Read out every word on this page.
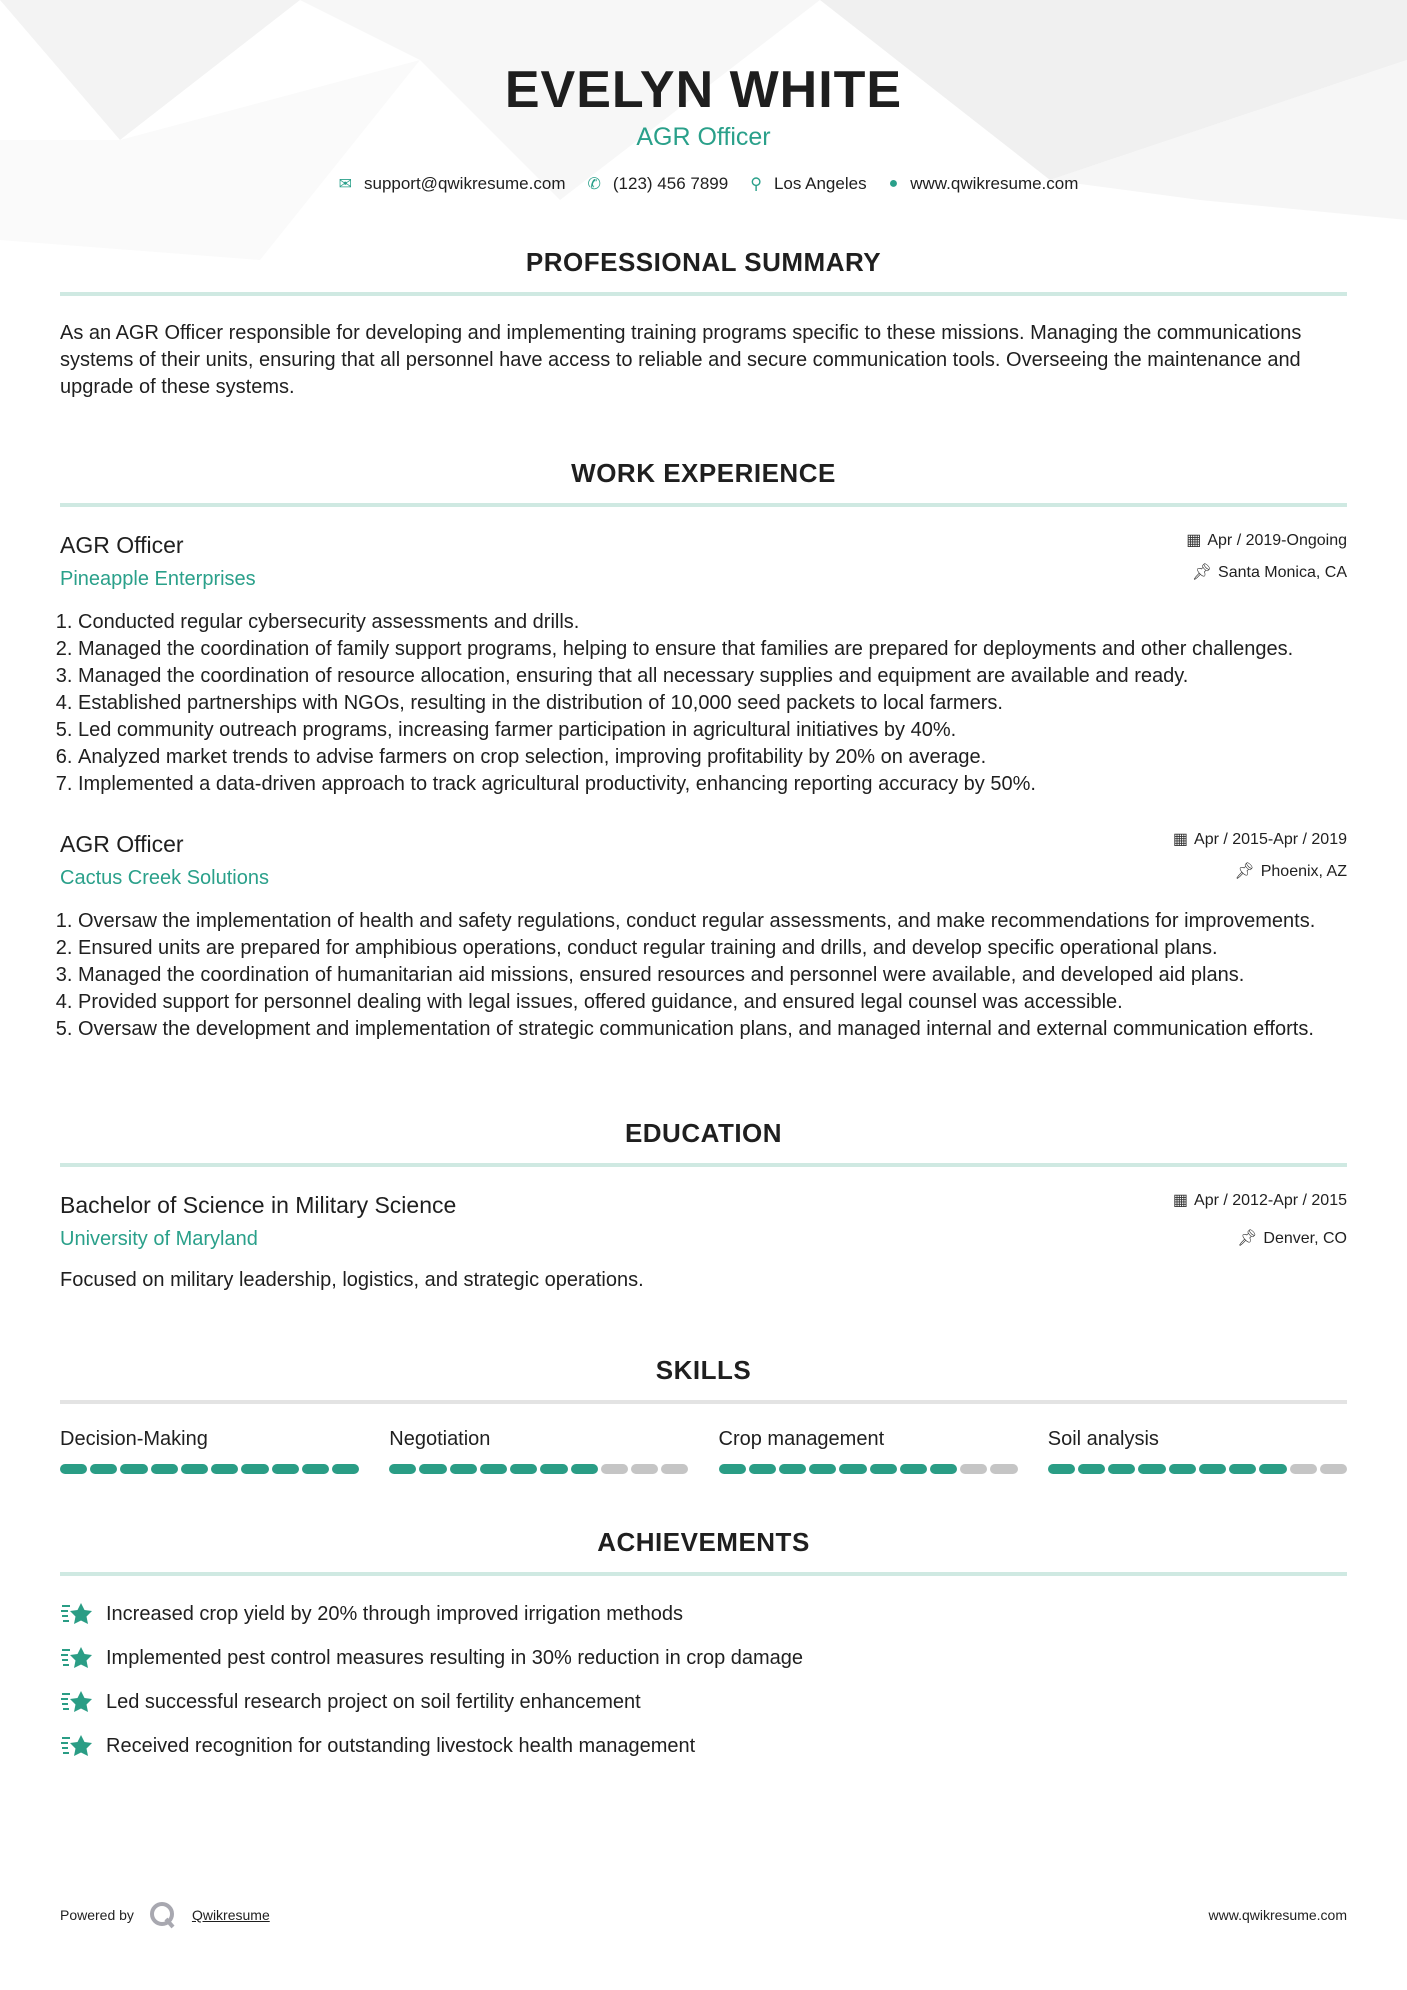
EVELYN WHITE
AGR Officer
✉ support@qwikresume.com ✆ (123) 456 7899 ⚲ Los Angeles ● www.qwikresume.com
PROFESSIONAL SUMMARY

As an AGR Officer responsible for developing and implementing training programs specific to these missions. Managing the communications systems of their units, ensuring that all personnel have access to reliable and secure communication tools. Overseeing the maintenance and upgrade of these systems.

WORK EXPERIENCE
AGR Officer
Pineapple Enterprises
▦ Apr / 2019-Ongoing
📌︎ Santa Monica, CA
1. Conducted regular cybersecurity assessments and drills.
2. Managed the coordination of family support programs, helping to ensure that families are prepared for deployments and other challenges.
3. Managed the coordination of resource allocation, ensuring that all necessary supplies and equipment are available and ready.
4. Established partnerships with NGOs, resulting in the distribution of 10,000 seed packets to local farmers.
5. Led community outreach programs, increasing farmer participation in agricultural initiatives by 40%.
6. Analyzed market trends to advise farmers on crop selection, improving profitability by 20% on average.
7. Implemented a data-driven approach to track agricultural productivity, enhancing reporting accuracy by 50%.
AGR Officer
Cactus Creek Solutions
▦ Apr / 2015-Apr / 2019
📌︎ Phoenix, AZ
1. Oversaw the implementation of health and safety regulations, conduct regular assessments, and make recommendations for improvements.
2. Ensured units are prepared for amphibious operations, conduct regular training and drills, and develop specific operational plans.
3. Managed the coordination of humanitarian aid missions, ensured resources and personnel were available, and developed aid plans.
4. Provided support for personnel dealing with legal issues, offered guidance, and ensured legal counsel was accessible.
5. Oversaw the development and implementation of strategic communication plans, and managed internal and external communication efforts.
EDUCATION
Bachelor of Science in Military Science
University of Maryland
▦ Apr / 2012-Apr / 2015
📌︎ Denver, CO

Focused on military leadership, logistics, and strategic operations.

SKILLS
Decision-Making	Negotiation	Crop management	Soil analysis
ACHIEVEMENTS
Increased crop yield by 20% through improved irrigation methods
Implemented pest control measures resulting in 30% reduction in crop damage
Led successful research project on soil fertility enhancement
Received recognition for outstanding livestock health management
Powered by	Qwikresume	www.qwikresume.com
